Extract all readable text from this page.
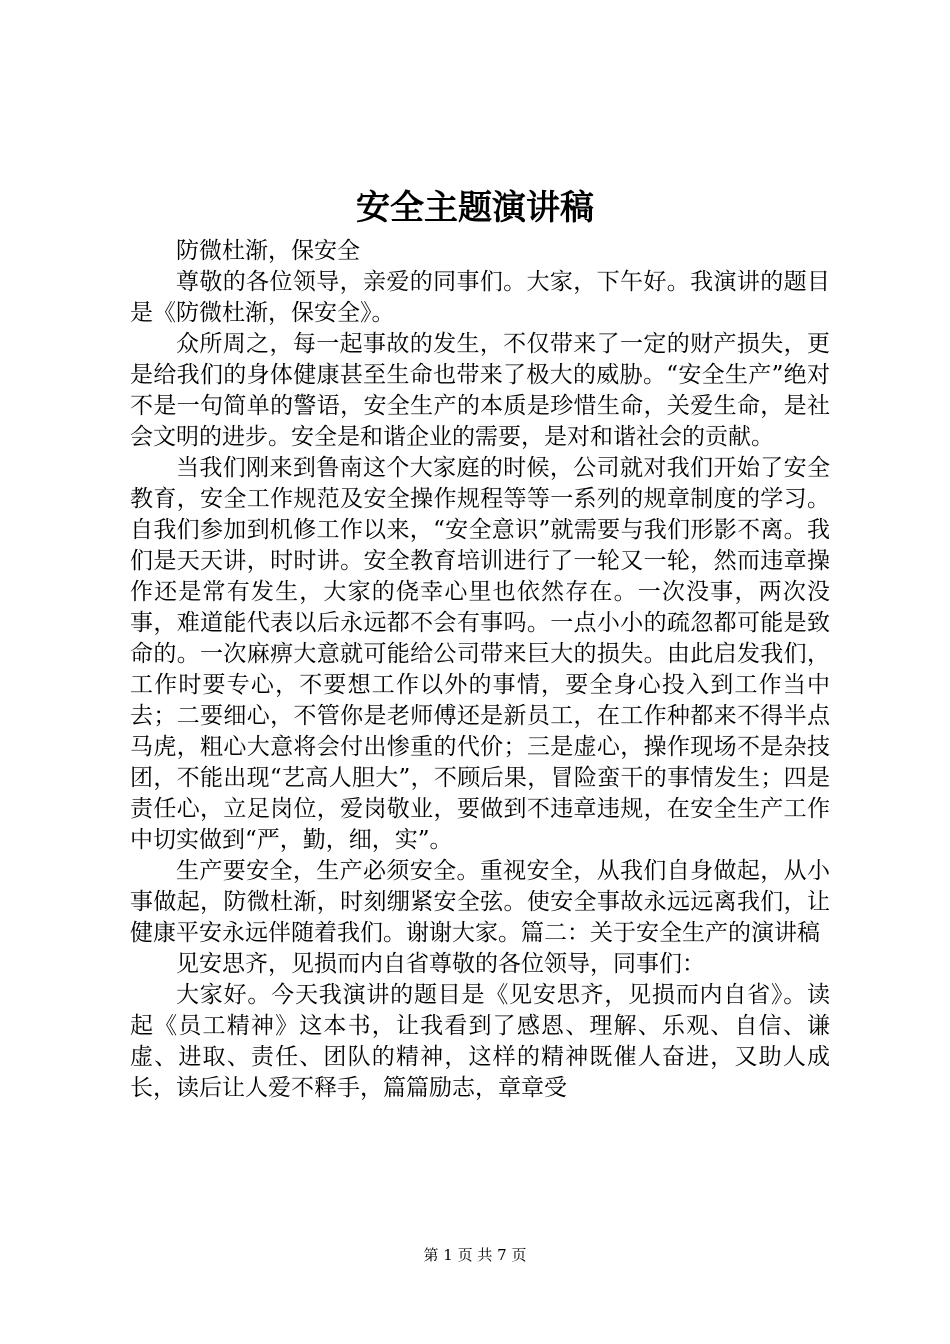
安全主题演讲稿

防微杜渐，保安全

尊敬的各位领导，亲爱的同事们。大家，下午好。我演讲的题目是《防微杜渐，保安全》。

众所周之，每一起事故的发生，不仅带来了一定的财产损失，更是给我们的身体健康甚至生命也带来了极大的威胁。“安全生产”绝对不是一句简单的警语，安全生产的本质是珍惜生命，关爱生命，是社会文明的进步。安全是和谐企业的需要，是对和谐社会的贡献。

当我们刚来到鲁南这个大家庭的时候，公司就对我们开始了安全教育，安全工作规范及安全操作规程等等一系列的规章制度的学习。自我们参加到机修工作以来，“安全意识”就需要与我们形影不离。我们是天天讲，时时讲。安全教育培训进行了一轮又一轮，然而违章操作还是常有发生，大家的侥幸心里也依然存在。一次没事，两次没事，难道能代表以后永远都不会有事吗。一点小小的疏忽都可能是致命的。一次麻痹大意就可能给公司带来巨大的损失。由此启发我们，工作时要专心，不要想工作以外的事情，要全身心投入到工作当中去；二要细心，不管你是老师傅还是新员工，在工作种都来不得半点马虎，粗心大意将会付出惨重的代价；三是虚心，操作现场不是杂技团，不能出现“艺高人胆大”，不顾后果，冒险蛮干的事情发生；四是责任心，立足岗位，爱岗敬业，要做到不违章违规，在安全生产工作中切实做到“严，勤，细，实”。

生产要安全，生产必须安全。重视安全，从我们自身做起，从小事做起，防微杜渐，时刻绷紧安全弦。使安全事故永远远离我们，让健康平安永远伴随着我们。谢谢大家。篇二：关于安全生产的演讲稿

见安思齐，见损而内自省尊敬的各位领导，同事们：

大家好。今天我演讲的题目是《见安思齐，见损而内自省》。读起《员工精神》这本书，让我看到了感恩、理解、乐观、自信、谦虚、进取、责任、团队的精神，这样的精神既催人奋进，又助人成长，读后让人爱不释手，篇篇励志，章章受

第 1 页 共 7 页
